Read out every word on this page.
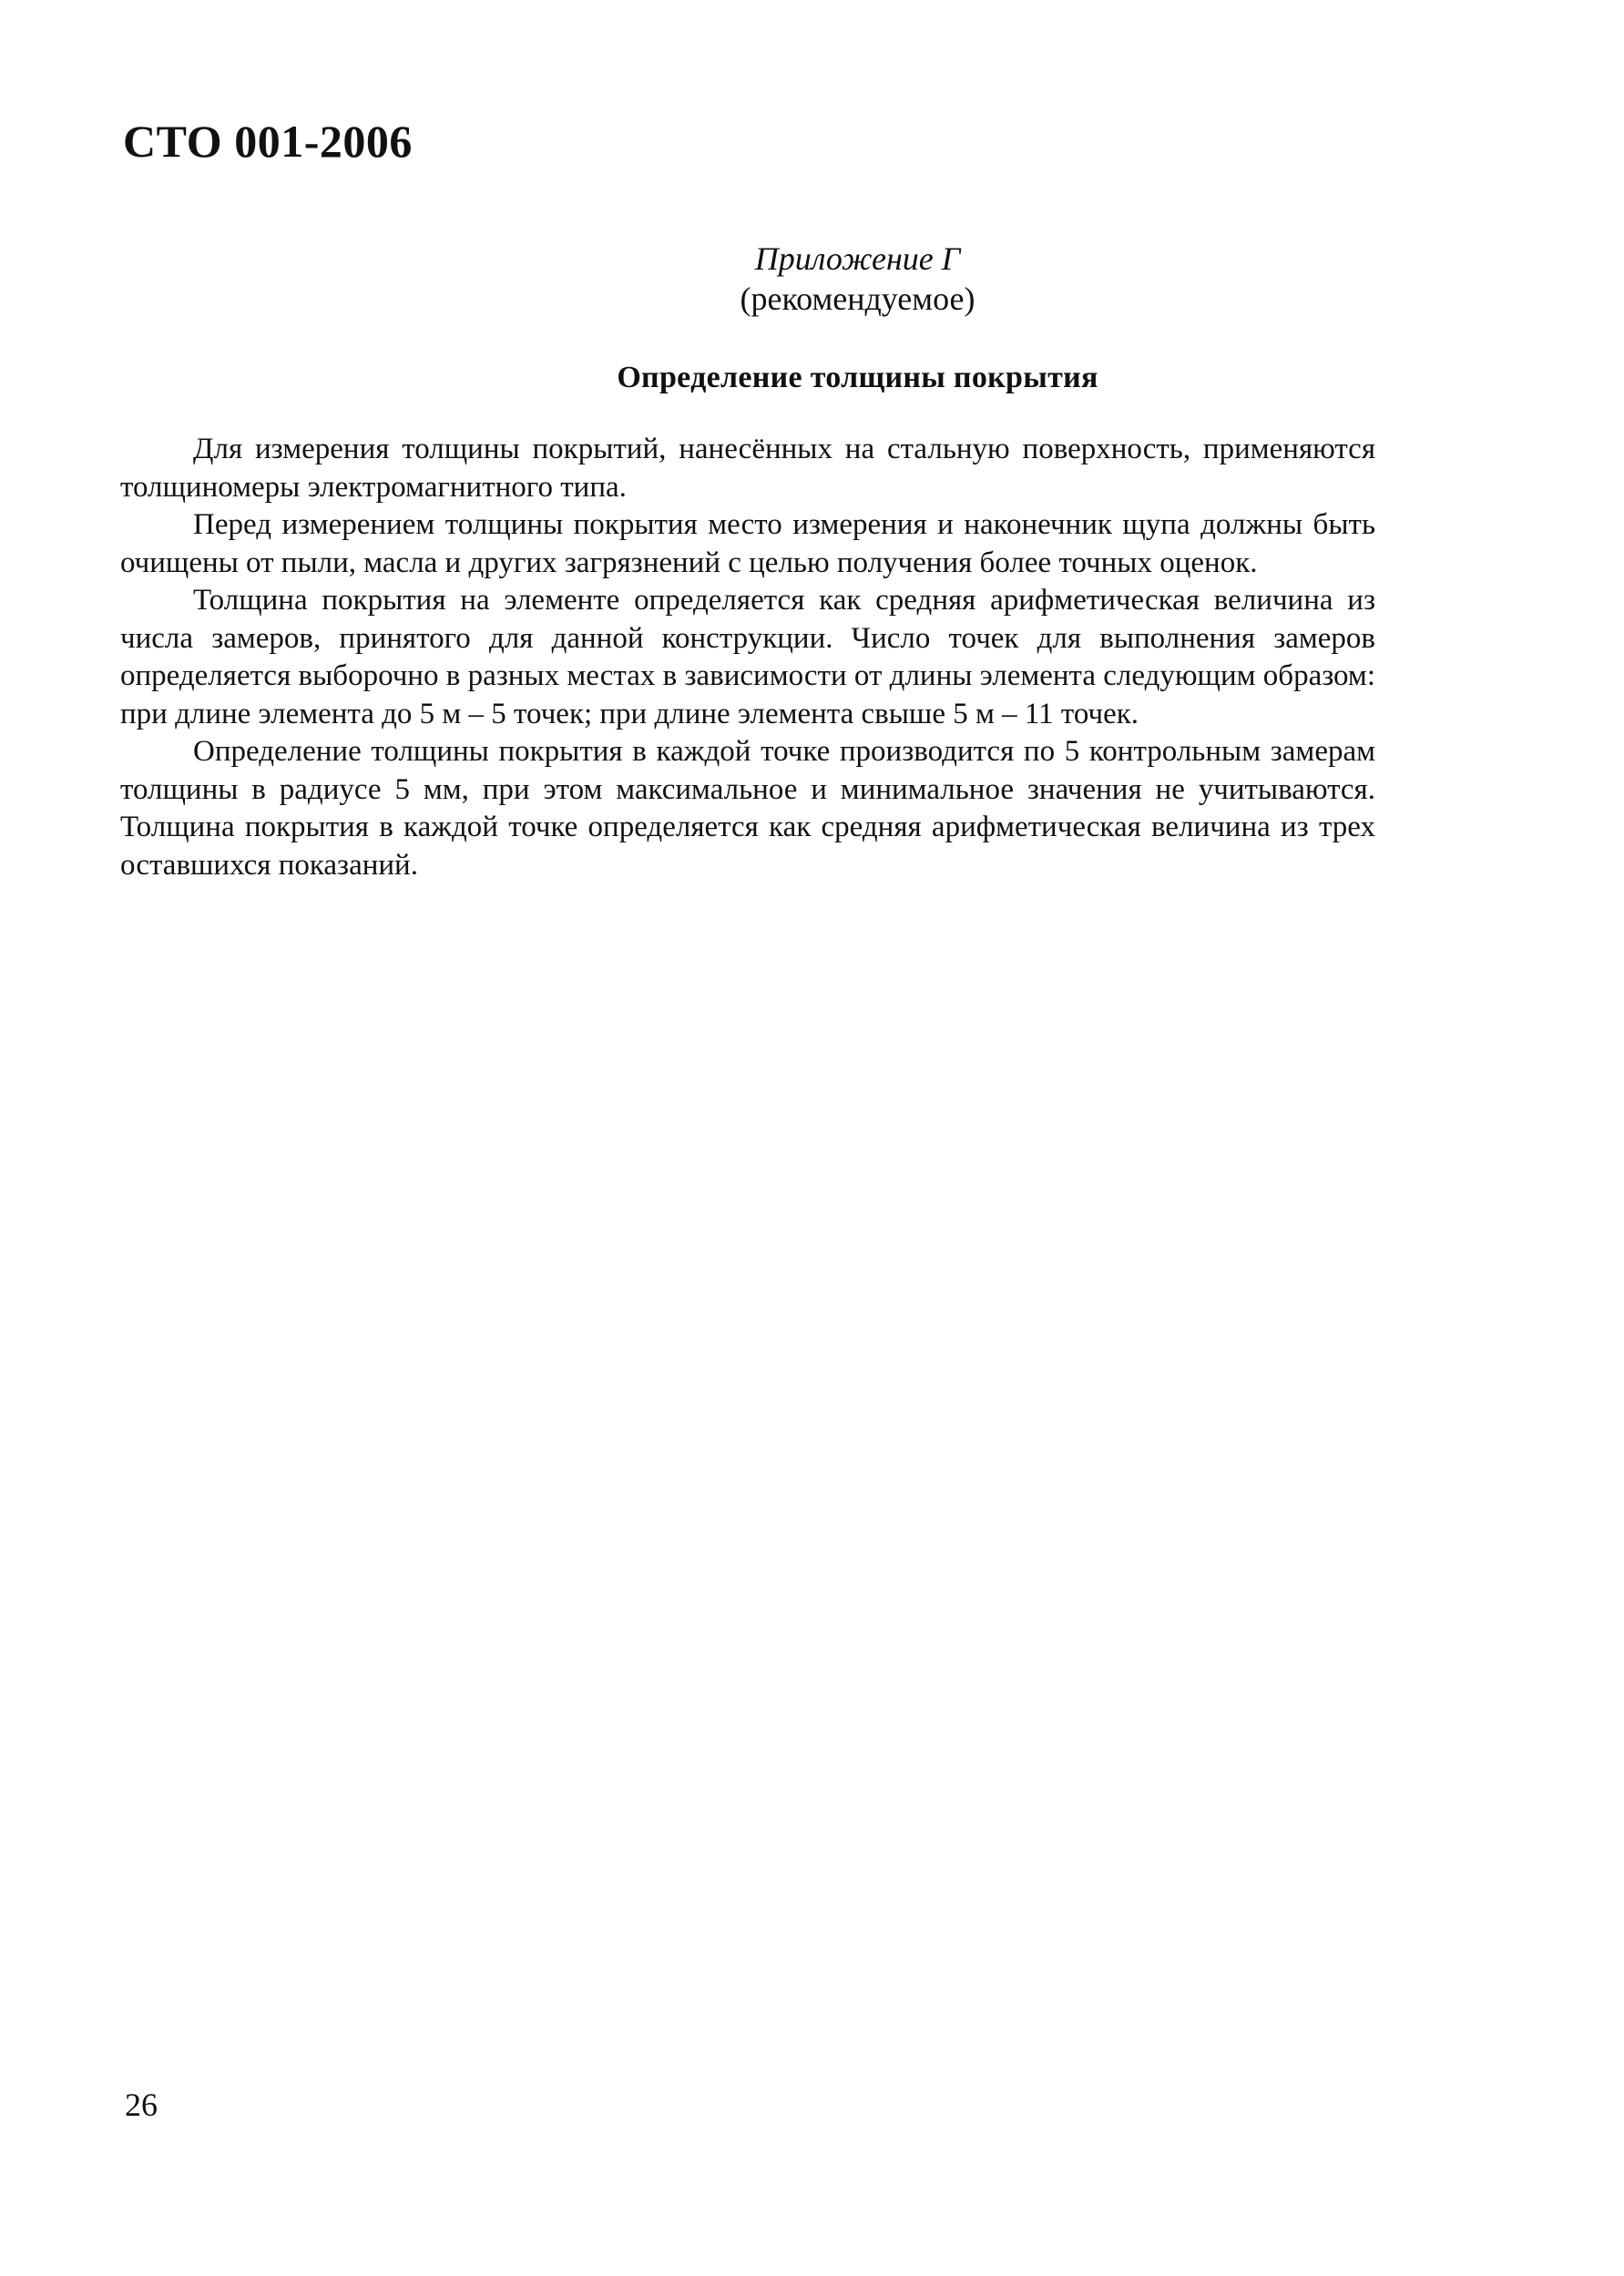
СТО 001-2006
Приложение Г
(рекомендуемое)
Определение толщины покрытия

Для измерения толщины покрытий, нанесённых на стальную поверхность, применяются толщиномеры электромагнитного типа.

Перед измерением толщины покрытия место измерения и наконечник щупа должны быть очищены от пыли, масла и других загрязнений с целью получения более точных оценок.

Толщина покрытия на элементе определяется как средняя арифметическая величина из числа замеров, принятого для данной конструкции. Число точек для выполнения замеров определяется выборочно в разных местах в зависимости от длины элемента следующим образом: при длине элемента до 5 м – 5 точек; при длине элемента свыше 5 м – 11 точек.

Определение толщины покрытия в каждой точке производится по 5 контрольным замерам толщины в радиусе 5 мм, при этом максимальное и минимальное значения не учитываются. Толщина покрытия в каждой точке определяется как средняя арифметическая величина из трех оставшихся показаний.

26
